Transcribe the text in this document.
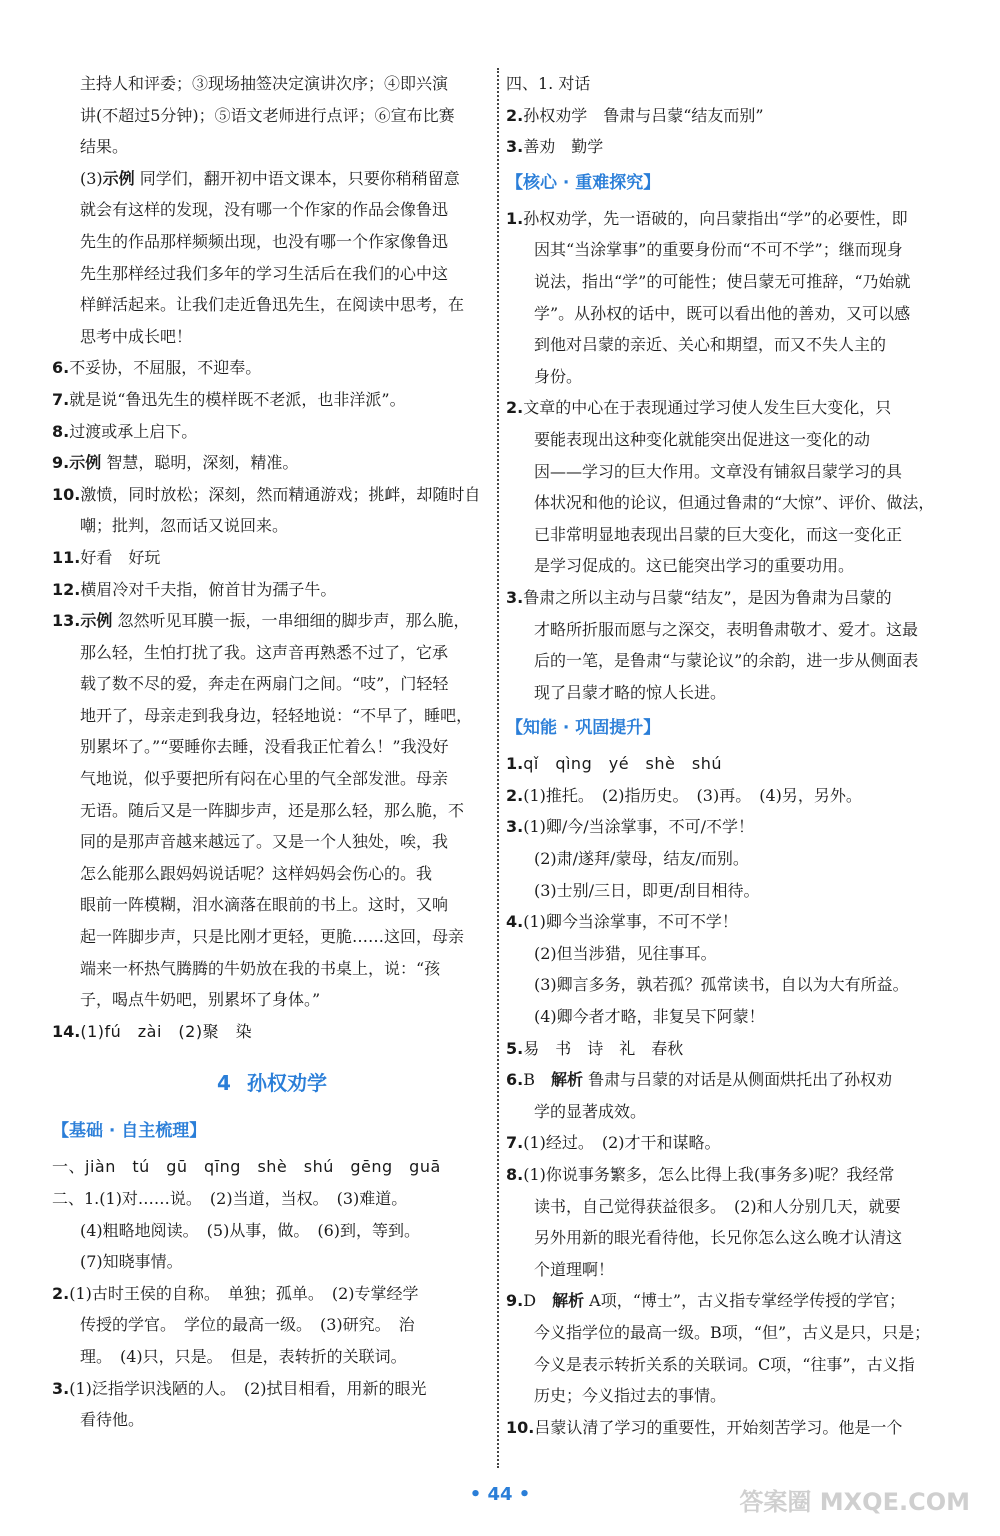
主持人和评委；③现场抽签决定演讲次序；④即兴演

讲(不超过5分钟)；⑤语文老师进行点评；⑥宣布比赛

结果。

(3)示例 同学们，翻开初中语文课本，只要你稍稍留意

就会有这样的发现，没有哪一个作家的作品会像鲁迅

先生的作品那样频频出现，也没有哪一个作家像鲁迅

先生那样经过我们多年的学习生活后在我们的心中这

样鲜活起来。让我们走近鲁迅先生，在阅读中思考，在

思考中成长吧！

6.不妥协，不屈服，不迎奉。

7.就是说“鲁迅先生的模样既不老派，也非洋派”。

8.过渡或承上启下。

9.示例 智慧，聪明，深刻，精准。

10.激愤，同时放松；深刻，然而精通游戏；挑衅，却随时自

嘲；批判，忽而话又说回来。

11.好看　好玩

12.横眉冷对千夫指，俯首甘为孺子牛。

13.示例 忽然听见耳膜一振，一串细细的脚步声，那么脆，

那么轻，生怕打扰了我。这声音再熟悉不过了，它承

载了数不尽的爱，奔走在两扇门之间。“吱”，门轻轻

地开了，母亲走到我身边，轻轻地说：“不早了，睡吧，

别累坏了。”“要睡你去睡，没看我正忙着么！”我没好

气地说，似乎要把所有闷在心里的气全部发泄。母亲

无语。随后又是一阵脚步声，还是那么轻，那么脆，不

同的是那声音越来越远了。又是一个人独处，唉，我

怎么能那么跟妈妈说话呢？这样妈妈会伤心的。我

眼前一阵模糊，泪水滴落在眼前的书上。这时，又响

起一阵脚步声，只是比刚才更轻，更脆……这回，母亲

端来一杯热气腾腾的牛奶放在我的书桌上，说：“孩

子，喝点牛奶吧，别累坏了身体。”

14.(1)fú　zài　(2)聚　染

4 孙权劝学
【基础 · 自主梳理】

一、jiàn　tú　gū　qīng　shè　shú　gēng　guā

二、1.(1)对……说。　(2)当道，当权。　(3)难道。

(4)粗略地阅读。　(5)从事，做。　(6)到，等到。

(7)知晓事情。

2.(1)古时王侯的自称。　单独；孤单。　(2)专掌经学

传授的学官。　学位的最高一级。　(3)研究。　治

理。　(4)只，只是。　但是，表转折的关联词。

3.(1)泛指学识浅陋的人。　(2)拭目相看，用新的眼光

看待他。

四、1. 对话

2.孙权劝学　鲁肃与吕蒙“结友而别”

3.善劝　勤学

【核心 · 重难探究】

1.孙权劝学，先一语破的，向吕蒙指出“学”的必要性，即

因其“当涂掌事”的重要身份而“不可不学”；继而现身

说法，指出“学”的可能性；使吕蒙无可推辞，“乃始就

学”。从孙权的话中，既可以看出他的善劝，又可以感

到他对吕蒙的亲近、关心和期望，而又不失人主的

身份。

2.文章的中心在于表现通过学习使人发生巨大变化，只

要能表现出这种变化就能突出促进这一变化的动

因——学习的巨大作用。文章没有铺叙吕蒙学习的具

体状况和他的论议，但通过鲁肃的“大惊”、评价、做法，

已非常明显地表现出吕蒙的巨大变化，而这一变化正

是学习促成的。这已能突出学习的重要功用。

3.鲁肃之所以主动与吕蒙“结友”，是因为鲁肃为吕蒙的

才略所折服而愿与之深交，表明鲁肃敬才、爱才。这最

后的一笔，是鲁肃“与蒙论议”的余韵，进一步从侧面表

现了吕蒙才略的惊人长进。

【知能 · 巩固提升】

1.qǐ　qìng　yé　shè　shú

2.(1)推托。　(2)指历史。　(3)再。　(4)另，另外。

3.(1)卿/今/当涂掌事，不可/不学！

(2)肃/遂拜/蒙母，结友/而别。

(3)士别/三日，即更/刮目相待。

4.(1)卿今当涂掌事，不可不学！

(2)但当涉猎，见往事耳。

(3)卿言多务，孰若孤？孤常读书，自以为大有所益。

(4)卿今者才略，非复吴下阿蒙！

5.易　书　诗　礼　春秋

6.B　解析 鲁肃与吕蒙的对话是从侧面烘托出了孙权劝

学的显著成效。

7.(1)经过。　(2)才干和谋略。

8.(1)你说事务繁多，怎么比得上我(事务多)呢？我经常

读书，自己觉得获益很多。　(2)和人分别几天，就要

另外用新的眼光看待他，长兄你怎么这么晚才认清这

个道理啊！

9.D　解析 A项，“博士”，古义指专掌经学传授的学官；

今义指学位的最高一级。B项，“但”，古义是只，只是；

今义是表示转折关系的关联词。C项，“往事”，古义指

历史；今义指过去的事情。

10.吕蒙认清了学习的重要性，开始刻苦学习。他是一个

• 44 •	答案圈 MXQE.COM
